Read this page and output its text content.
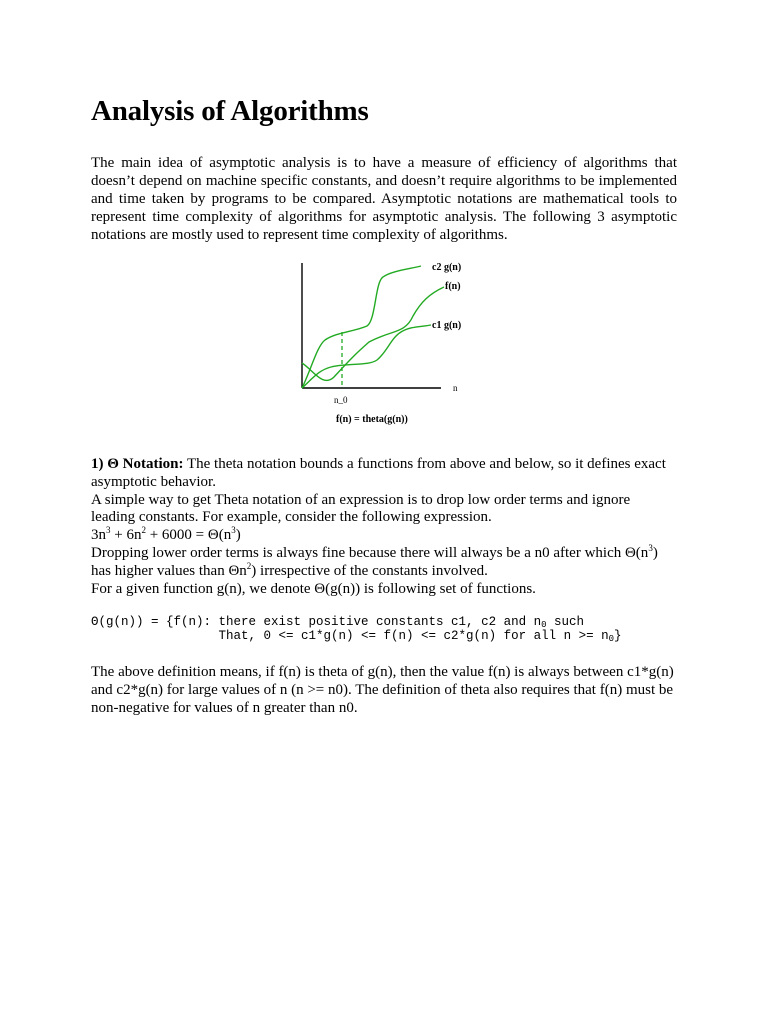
Analysis of Algorithms

The main idea of asymptotic analysis is to have a measure of efficiency of algorithms that doesn’t depend on machine specific constants, and doesn’t require algorithms to be implemented and time taken by programs to be compared. Asymptotic notations are mathematical tools to represent time complexity of algorithms for asymptotic analysis. The following 3 asymptotic notations are mostly used to represent time complexity of algorithms.

c2 g(n)
f(n)
c1 g(n)
n_0
n
f(n) = theta(g(n))
1) Θ Notation: The theta notation bounds a functions from above and below, so it defines exact asymptotic behavior.
A simple way to get Theta notation of an expression is to drop low order terms and ignore leading constants. For example, consider the following expression.
$3n^3 + 6n^2 + 6000 = \Theta(n^3)$
Dropping lower order terms is always fine because there will always be a n0 after which $\Theta(n^3)$
has higher values than $\Theta n^2$) irrespective of the constants involved.
For a given function g(n), we denote Θ(g(n)) is following set of functions.
Θ(g(n)) = {f(n): there exist positive constants c1, c2 and $n_0$ such
That, 0 <= c1*g(n) <= f(n) <= c2*g(n) for all $n >= n_0$}

The above definition means, if f(n) is theta of g(n), then the value f(n) is always between c1*g(n) and c2*g(n) for large values of n (n >= n0). The definition of theta also requires that f(n) must be non-negative for values of n greater than n0.
